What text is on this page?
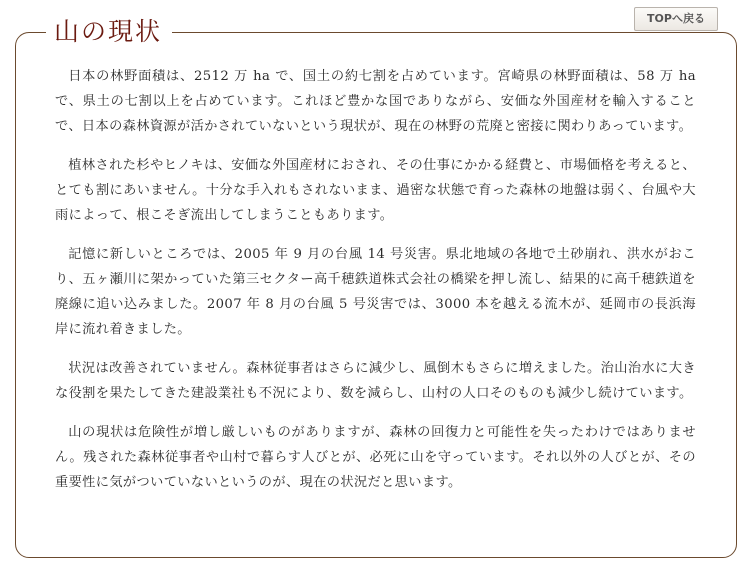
TOPへ戻る
山の現状

日本の林野面積は、2512 万 ha で、国土の約七割を占めています。宮崎県の林野面積は、58 万 ha で、県土の七割以上を占めています。これほど豊かな国でありながら、安価な外国産材を輸入することで、日本の森林資源が活かされていないという現状が、現在の林野の荒廃と密接に関わりあっています。

植林された杉やヒノキは、安価な外国産材におされ、その仕事にかかる経費と、市場価格を考えると、とても割にあいません。十分な手入れもされないまま、過密な状態で育った森林の地盤は弱く、台風や大雨によって、根こそぎ流出してしまうこともあります。

記憶に新しいところでは、2005 年 9 月の台風 14 号災害。県北地域の各地で土砂崩れ、洪水がおこり、五ヶ瀬川に架かっていた第三セクター高千穂鉄道株式会社の橋梁を押し流し、結果的に高千穂鉄道を廃線に追い込みました。2007 年 8 月の台風 5 号災害では、3000 本を越える流木が、延岡市の長浜海岸に流れ着きました。

状況は改善されていません。森林従事者はさらに減少し、風倒木もさらに増えました。治山治水に大きな役割を果たしてきた建設業社も不況により、数を減らし、山村の人口そのものも減少し続けています。

山の現状は危険性が増し厳しいものがありますが、森林の回復力と可能性を失ったわけではありません。残された森林従事者や山村で暮らす人びとが、必死に山を守っています。それ以外の人びとが、その重要性に気がついていないというのが、現在の状況だと思います。
